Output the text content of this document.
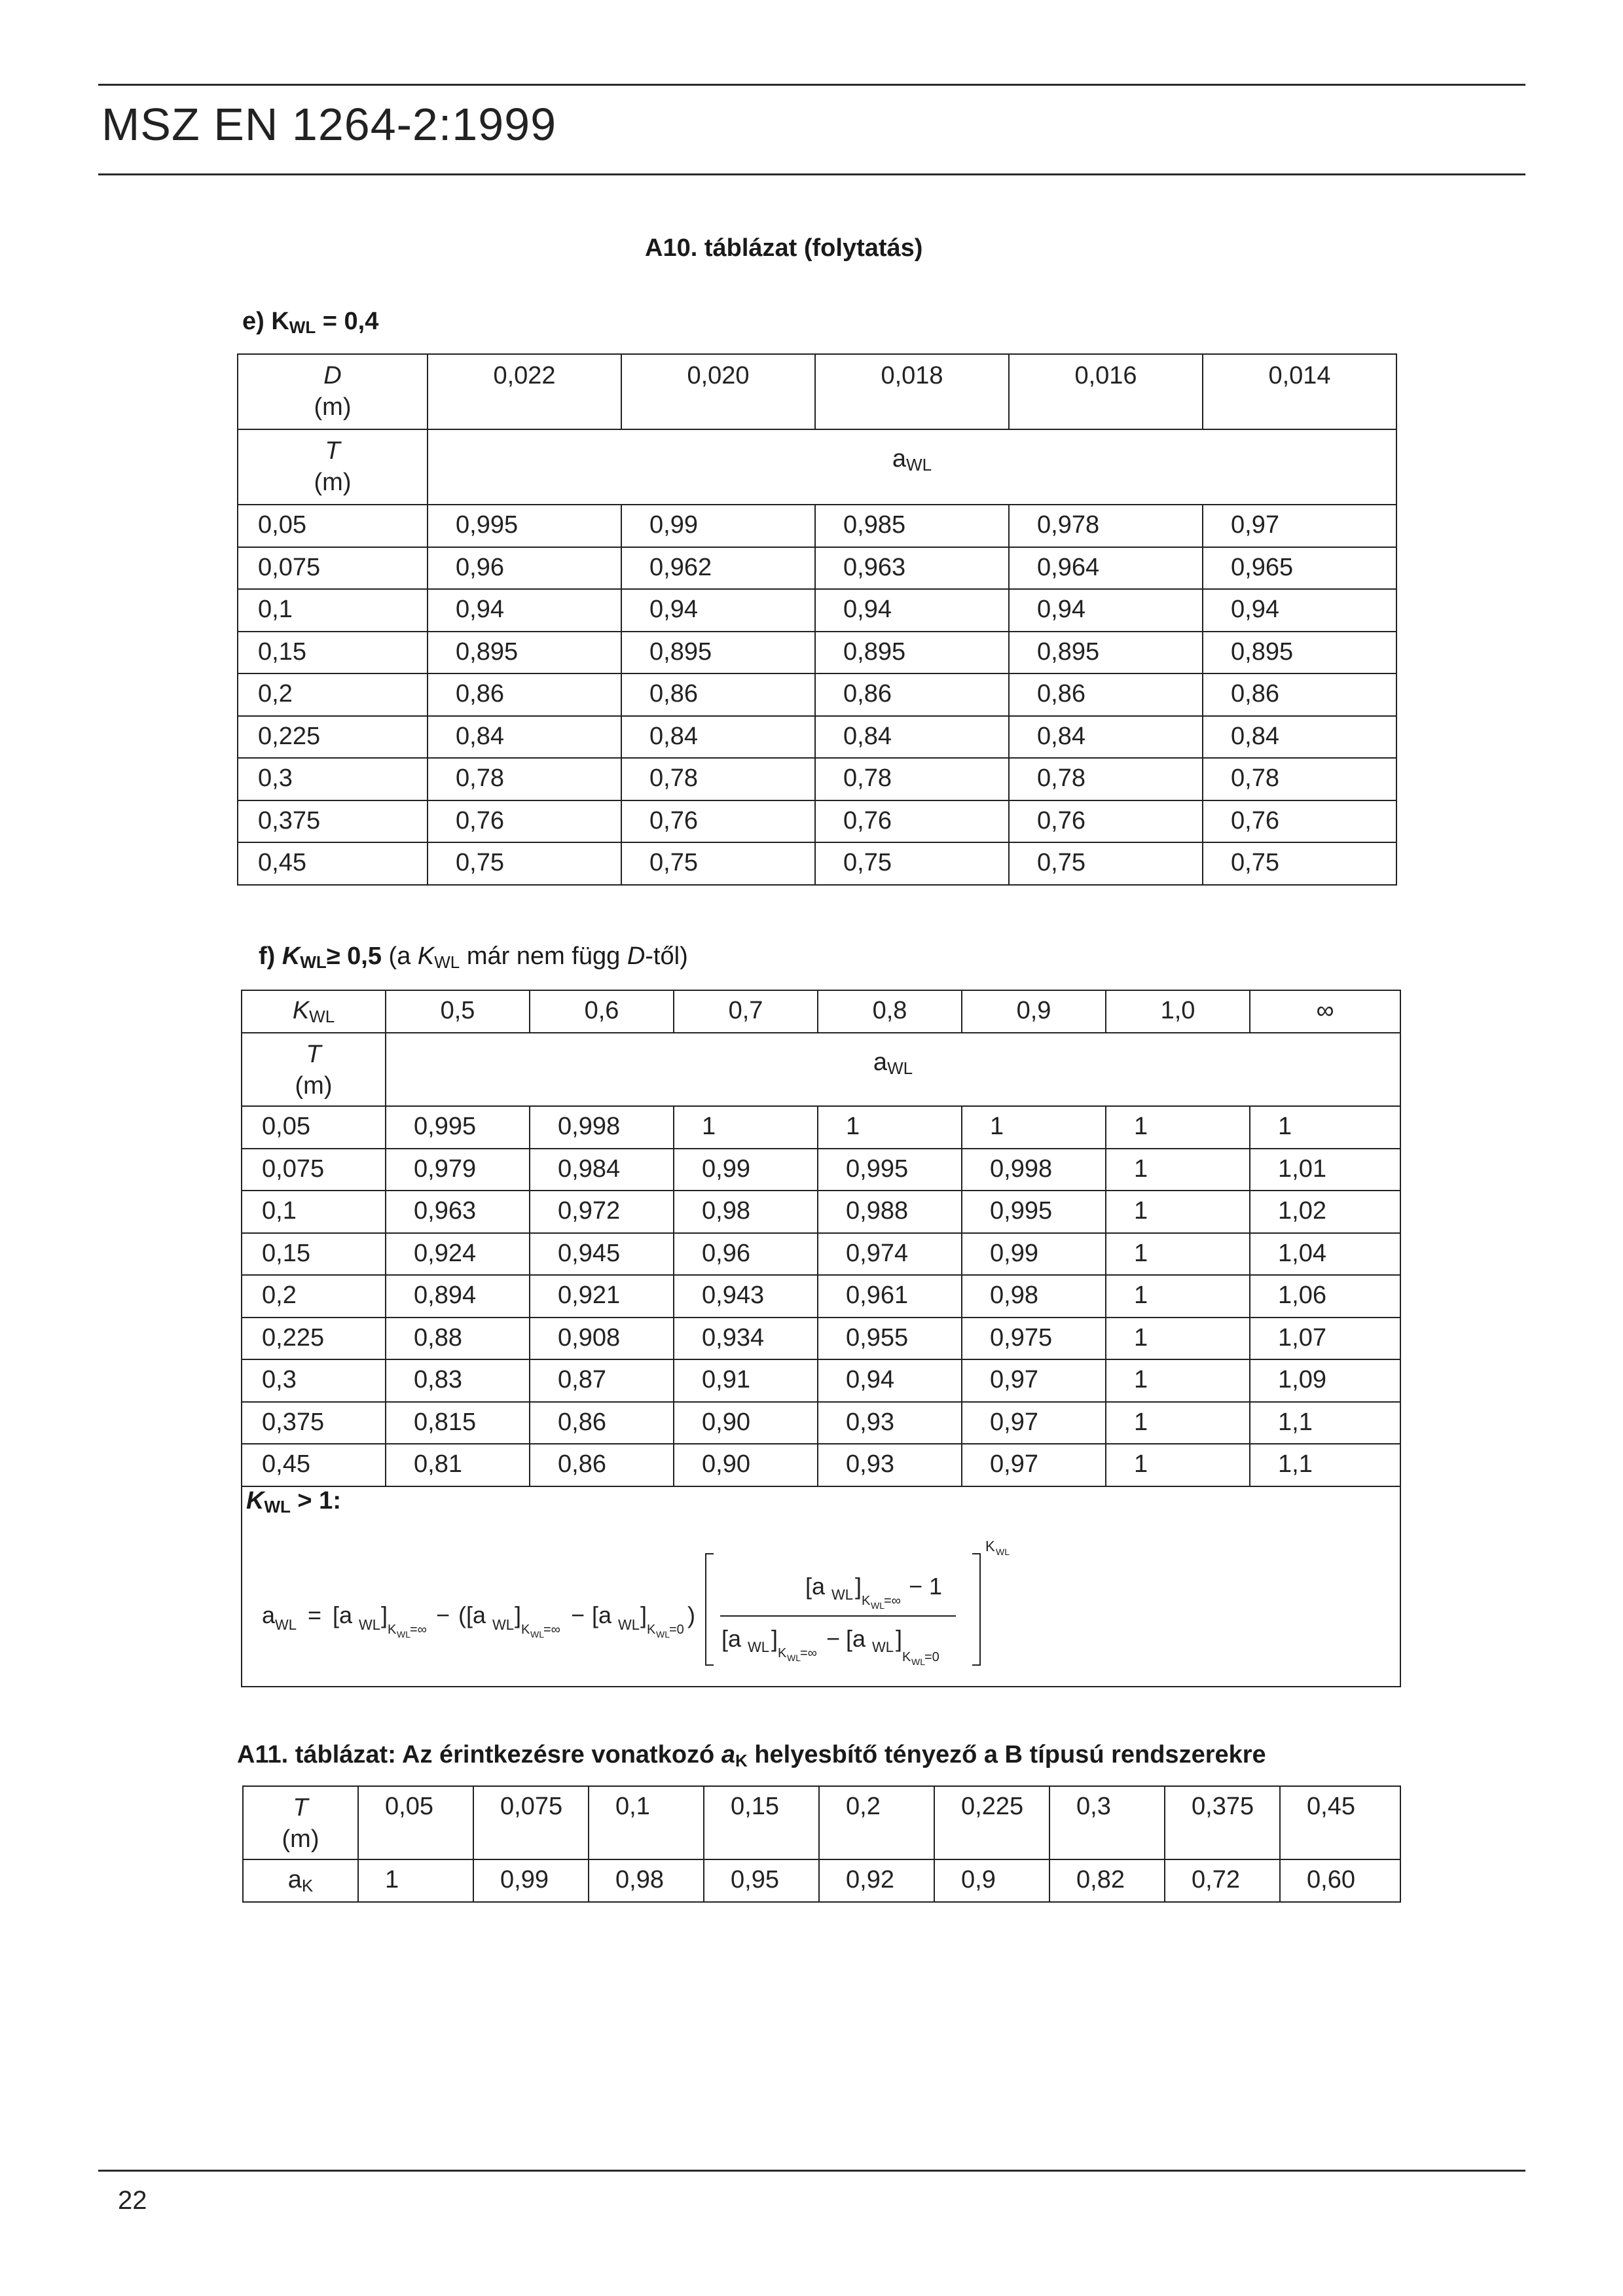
MSZ EN 1264-2:1999
A10. táblázat (folytatás)
e) $K_{WL} = 0,4$
D
(m)	0,022	0,020	0,018	0,016	0,014

T
(m)	$a_{WL}$
0,05	0,995	0,99	0,985	0,978	0,97
0,075	0,96	0,962	0,963	0,964	0,965
0,1	0,94	0,94	0,94	0,94	0,94
0,15	0,895	0,895	0,895	0,895	0,895
0,2	0,86	0,86	0,86	0,86	0,86
0,225	0,84	0,84	0,84	0,84	0,84
0,3	0,78	0,78	0,78	0,78	0,78
0,375	0,76	0,76	0,76	0,76	0,76
0,45	0,75	0,75	0,75	0,75	0,75
f) $K_{WL}\ge 0,5$ (a $K_{WL}$ már nem függ D-től)
$K_{WL}$	0,5	0,6	0,7	0,8	0,9	1,0	∞

T
(m)	$a_{WL}$
0,05	0,995	0,998	1	1	1	1	1
0,075	0,979	0,984	0,99	0,995	0,998	1	1,01
0,1	0,963	0,972	0,98	0,988	0,995	1	1,02
0,15	0,924	0,945	0,96	0,974	0,99	1	1,04
0,2	0,894	0,921	0,943	0,961	0,98	1	1,06
0,225	0,88	0,908	0,934	0,955	0,975	1	1,07
0,3	0,83	0,87	0,91	0,94	0,97	1	1,09
0,375	0,815	0,86	0,90	0,93	0,97	1	1,1
0,45	0,81	0,86	0,90	0,93	0,97	1	1,1
$K_{WL} > 1$:
a WL = [a WL ]
K WL =∞
− ([a WL ]
K WL =∞
− [a WL ]
K WL =0
)
[a WL ]
K WL =∞
− 1
[a WL ]
K WL =∞
− [a WL ]
K WL =0
K WL
A11. táblázat: Az érintkezésre vonatkozó $a_K$ helyesbítő tényező a B típusú rendszerekre
T
(m)	0,05	0,075	0,1	0,15	0,2	0,225	0,3	0,375	0,45
$a_K$	1	0,99	0,98	0,95	0,92	0,9	0,82	0,72	0,60
22
